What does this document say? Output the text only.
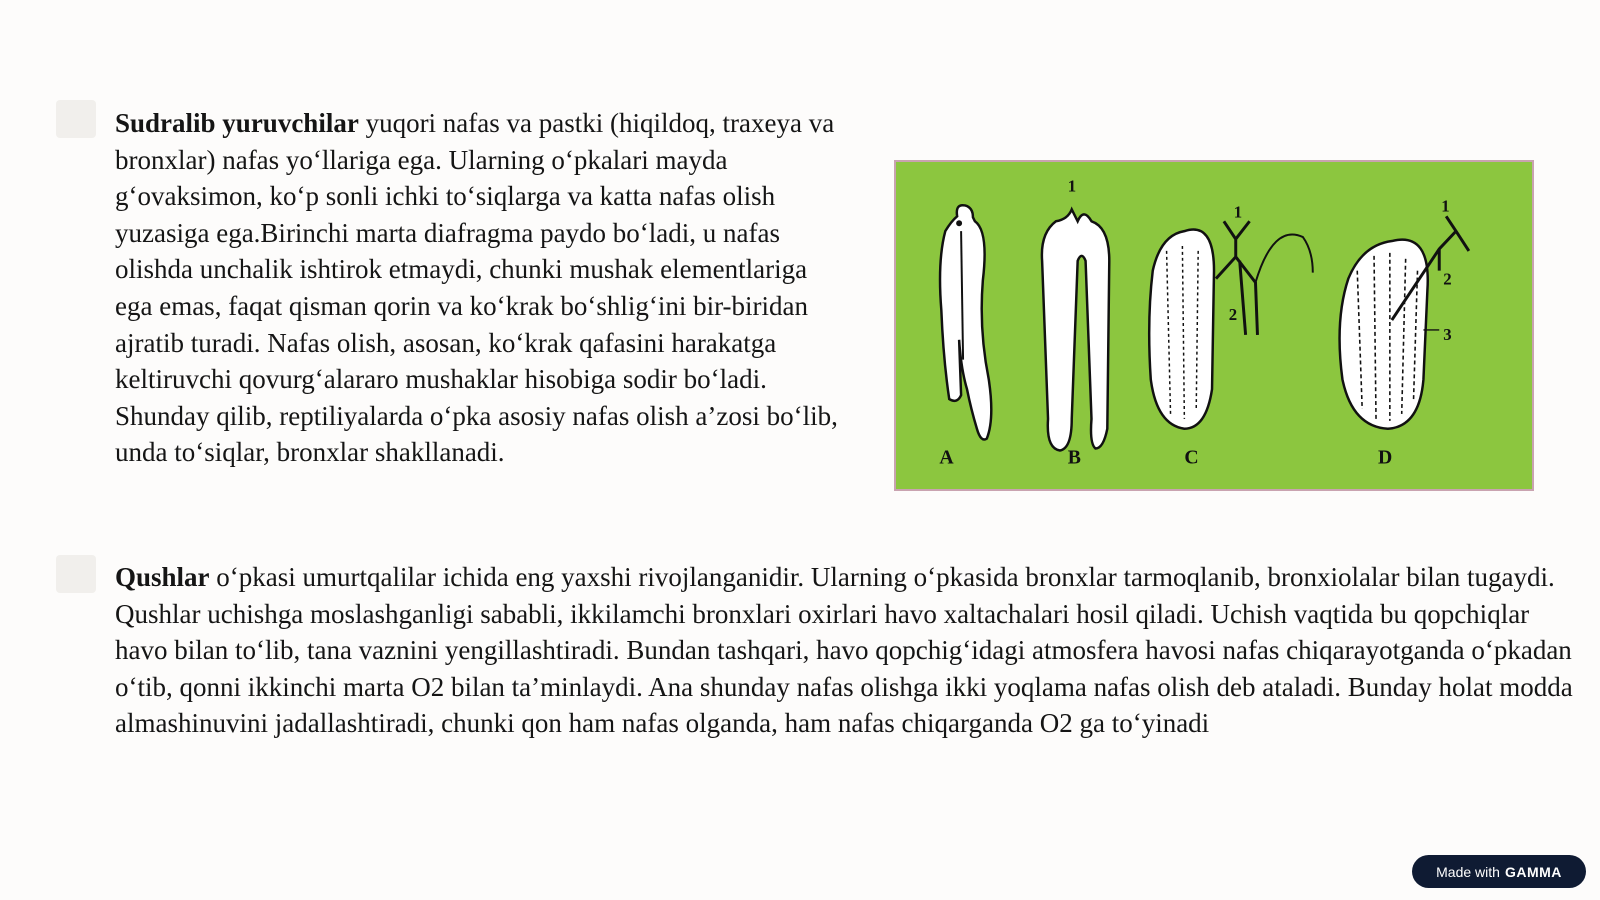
Sudralib yuruvchilar yuqori nafas va pastki (hiqildoq, traxeya va bronxlar) nafas yo‘llariga ega. Ularning o‘pkalari mayda g‘ovaksimon, ko‘p sonli ichki to‘siqlarga va katta nafas olish yuzasiga ega.Birinchi marta diafragma paydo bo‘ladi, u nafas olishda unchalik ishtirok etmaydi, chunki mushak elementlariga ega emas, faqat qisman qorin va ko‘krak bo‘shlig‘ini bir-biridan ajratib turadi. Nafas olish, asosan, ko‘krak qafasini harakatga keltiruvchi qovurg‘alararo mushaklar hisobiga sodir bo‘ladi. Shunday qilib, reptiliyalarda o‘pka asosiy nafas olish a’zosi bo‘lib, unda to‘siqlar, bronxlar shakllanadi.	A	B	C	D
1
1
2
1
2
3

Qushlar o‘pkasi umurtqalilar ichida eng yaxshi rivojlanganidir. Ularning o‘pkasida bronxlar tarmoqlanib, bronxiolalar bilan tugaydi. Qushlar uchishga moslashganligi sababli, ikkilamchi bronxlari oxirlari havo xaltachalari hosil qiladi. Uchish vaqtida bu qopchiqlar havo bilan to‘lib, tana vaznini yengillashtiradi. Bundan tashqari, havo qopchig‘idagi atmosfera havosi nafas chiqarayotganda o‘pkadan o‘tib, qonni ikkinchi marta O2 bilan ta’minlaydi. Ana shunday nafas olishga ikki yoqlama nafas olish deb ataladi. Bunday holat modda almashinuvini jadallashtiradi, chunki qon ham nafas olganda, ham nafas chiqarganda O2 ga to‘yinadi

Made with GAMMA
